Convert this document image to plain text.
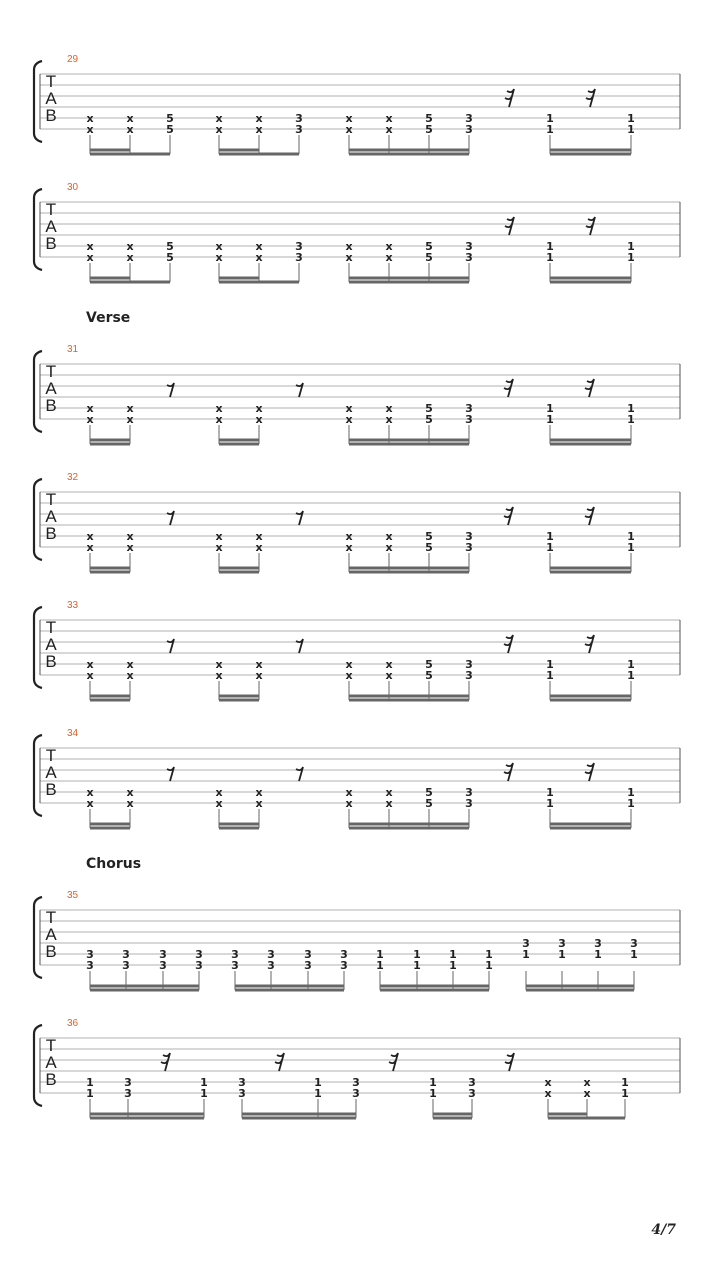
T
A
B
29
x
x
x
x
5
5
x
x
x
x
3
3
x
x
x
x
5
5
3
3
1
1
1
1
T
A
B
30
x
x
x
x
5
5
x
x
x
x
3
3
x
x
x
x
5
5
3
3
1
1
1
1
T
A
B
31
x
x
x
x
x
x
x
x
x
x
x
x
5
5
3
3
1
1
1
1
T
A
B
32
x
x
x
x
x
x
x
x
x
x
x
x
5
5
3
3
1
1
1
1
T
A
B
33
x
x
x
x
x
x
x
x
x
x
x
x
5
5
3
3
1
1
1
1
T
A
B
34
x
x
x
x
x
x
x
x
x
x
x
x
5
5
3
3
1
1
1
1
T
A
B
35
3
3
3
3
3
3
3
3
3
3
3
3
3
3
3
3
1
1
1
1
1
1
1
1
3
1
3
1
3
1
3
1
T
A
B
36
1
1
3
3
1
1
3
3
1
1
3
3
1
1
3
3
x
x
x
x
1
1
Verse
Chorus
4/7
